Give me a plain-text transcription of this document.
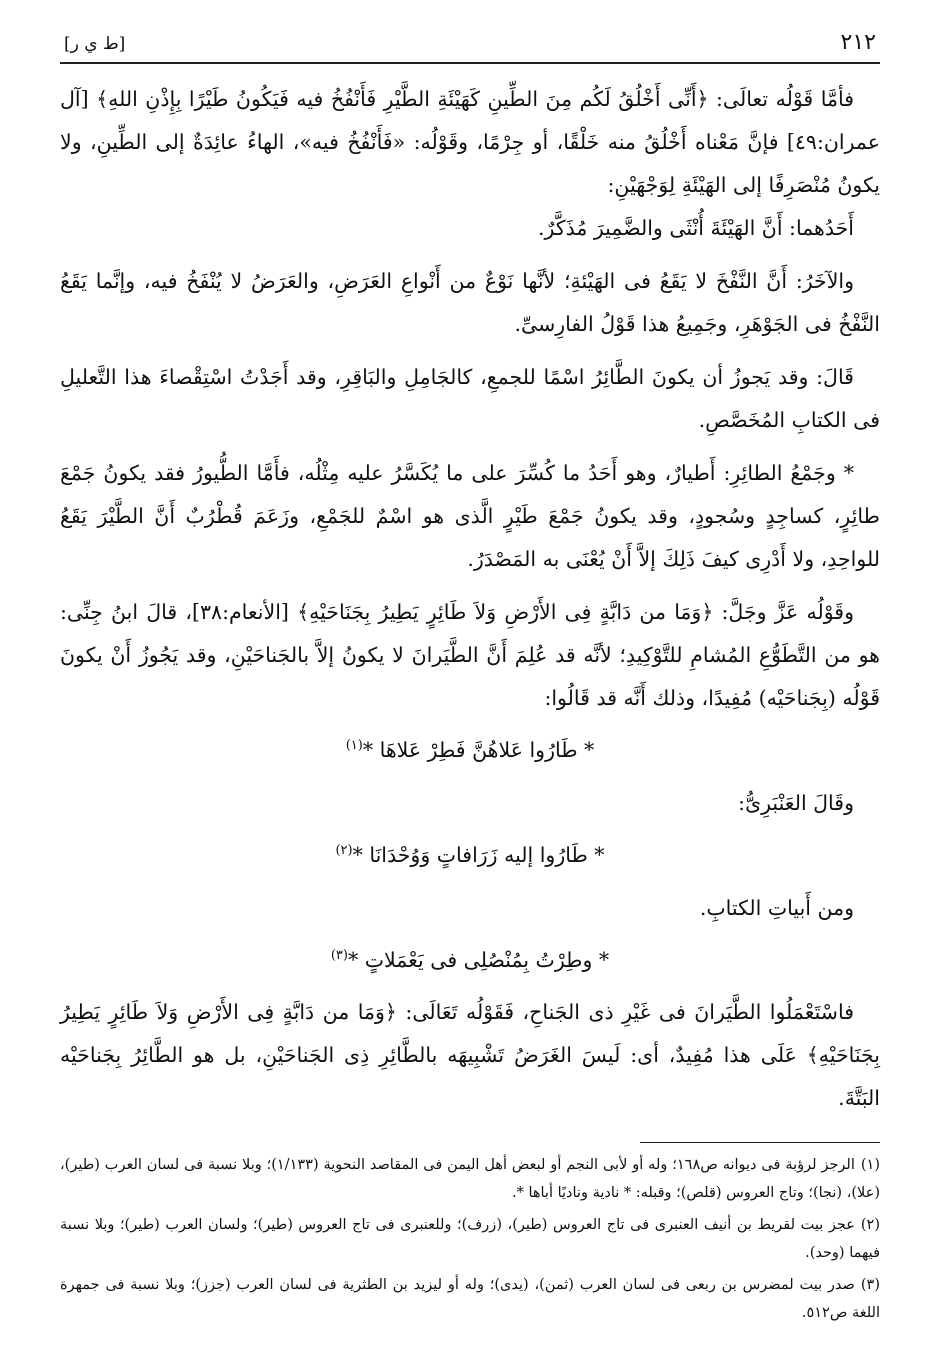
٢١٢
[ط ي ر]

فأمَّا قَوْلُه تعالَى: ﴿أَنِّى أَخْلُقُ لَكُم مِنَ الطِّينِ كَهَيْئَةِ الطَّيْرِ فَأَنْفُخُ فيه فَيَكُونُ طَيْرًا بِإِذْنِ اللهِ﴾ [آل عمران:٤٩] فإنَّ مَعْناه أَخْلُقُ منه خَلْقًا، أو جِرْمًا، وقَوْلُه: «فَأَنْفُخُ فيه»، الهاءُ عائِدَةٌ إلى الطِّينِ، ولا يكونُ مُنْصَرِفًا إلى الهَيْئَةِ لِوَجْهَيْنِ:

أَحَدُهما: أَنَّ الهَيْئَةَ أُنْثَى والضَّمِيرَ مُذَكَّرٌ.

والآخَرُ: أَنَّ النَّفْخَ لا يَقَعُ فى الهَيْئةِ؛ لأنَّها نَوْعٌ من أَنْواعِ العَرَضِ، والعَرَضُ لا يُنْفَخُ فيه، وإنَّما يَقَعُ النَّفْخُ فى الجَوْهَرِ، وجَمِيعُ هذا قَوْلُ الفارِسىِّ.

قَالَ: وقد يَجوزُ أن يكونَ الطَّائِرُ اسْمًا للجمعِ، كالجَامِلِ والبَاقِرِ، وقد أَجَدْتُ اسْتِقْصاءَ هذا التَّعليلِ فى الكتابِ المُخَصَّصِ.

* وجَمْعُ الطائِرِ: أَطيارٌ، وهو أَحَدُ ما كُسِّرَ على ما يُكَسَّرُ عليه مِثْلُه، فأَمَّا الطُّيورُ فقد يكونُ جَمْعَ طائِرٍ، كساجِدٍ وسُجودٍ، وقد يكونُ جَمْعَ طَيْرٍ الَّذى هو اسْمٌ للجَمْعِ، وزَعَمَ قُطْرُبٌ أَنَّ الطَّيْرَ يَقَعُ للواحِدِ، ولا أَدْرِى كيفَ ذَلِكَ إلاَّ أَنْ يُعْنَى به المَصْدَرُ.

وقَوْلُه عَزَّ وجَلَّ: ﴿وَمَا من دَابَّةٍ فِى الأَرْضِ وَلاَ طَائِرٍ يَطِيرُ بِجَنَاحَيْهِ﴾ [الأنعام:٣٨]، قالَ ابنُ جِنِّى: هو من التَّطَوُّعِ المُشامِ للتَّوْكِيدِ؛ لأنَّه قد عُلِمَ أَنَّ الطَّيَرانَ لا يكونُ إلاَّ بالجَناحَيْنِ، وقد يَجُوزُ أَنْ يكونَ قَوْلُه (بِجَناحَيْه) مُفِيدًا، وذلك أَنَّه قد قَالُوا:

* طَارُوا عَلاهُنَّ فَطِرْ عَلاهَا *$^{(١)}$

وقَالَ العَنْبَرِىُّ:

* طَارُوا إليه زَرَافاتٍ وَوُحْدَانَا *$^{(٢)}$

ومن أَبياتِ الكتابِ.

* وطِرْتُ بِمُنْصُلِى فى يَعْمَلاتٍ *$^{(٣)}$

فاسْتَعْمَلُوا الطَّيَرانَ فى غَيْرِ ذى الجَناحِ، فَقَوْلُه تَعَالَى: ﴿وَمَا من دَابَّةٍ فِى الأَرْضِ وَلاَ طَائِرٍ يَطِيرُ بِجَنَاحَيْهِ﴾ عَلَى هذا مُفِيدٌ، أى: لَيسَ الغَرَضُ تَشْبِيهَه بالطَّائِرِ ذِى الجَناحَيْنِ، بل هو الطَّائِرُ بِجَناحَيْه البَتَّةَ.

(١)الرجز لرؤبة فى ديوانه ص١٦٨؛ وله أو لأبى النجم أو لبعض أهل اليمن فى المقاصد النحوية (١/١٣٣)؛ وبلا نسبة فى لسان العرب (طير)، (علا)، (نجا)؛ وتاج العروس (قلص)؛ وقبله: * نادية وناديًا أباها *.

(٢)عجز بيت لقريط بن أنيف العنبرى فى تاج العروس (طير)، (زرف)؛ وللعنبرى فى تاج العروس (طير)؛ ولسان العرب (طير)؛ وبلا نسبة فيهما (وحد).

(٣)صدر بيت لمضرس بن ربعى فى لسان العرب (ثمن)، (يدى)؛ وله أو ليزيد بن الطثرية فى لسان العرب (جزز)؛ وبلا نسبة فى جمهرة اللغة ص٥١٢.
